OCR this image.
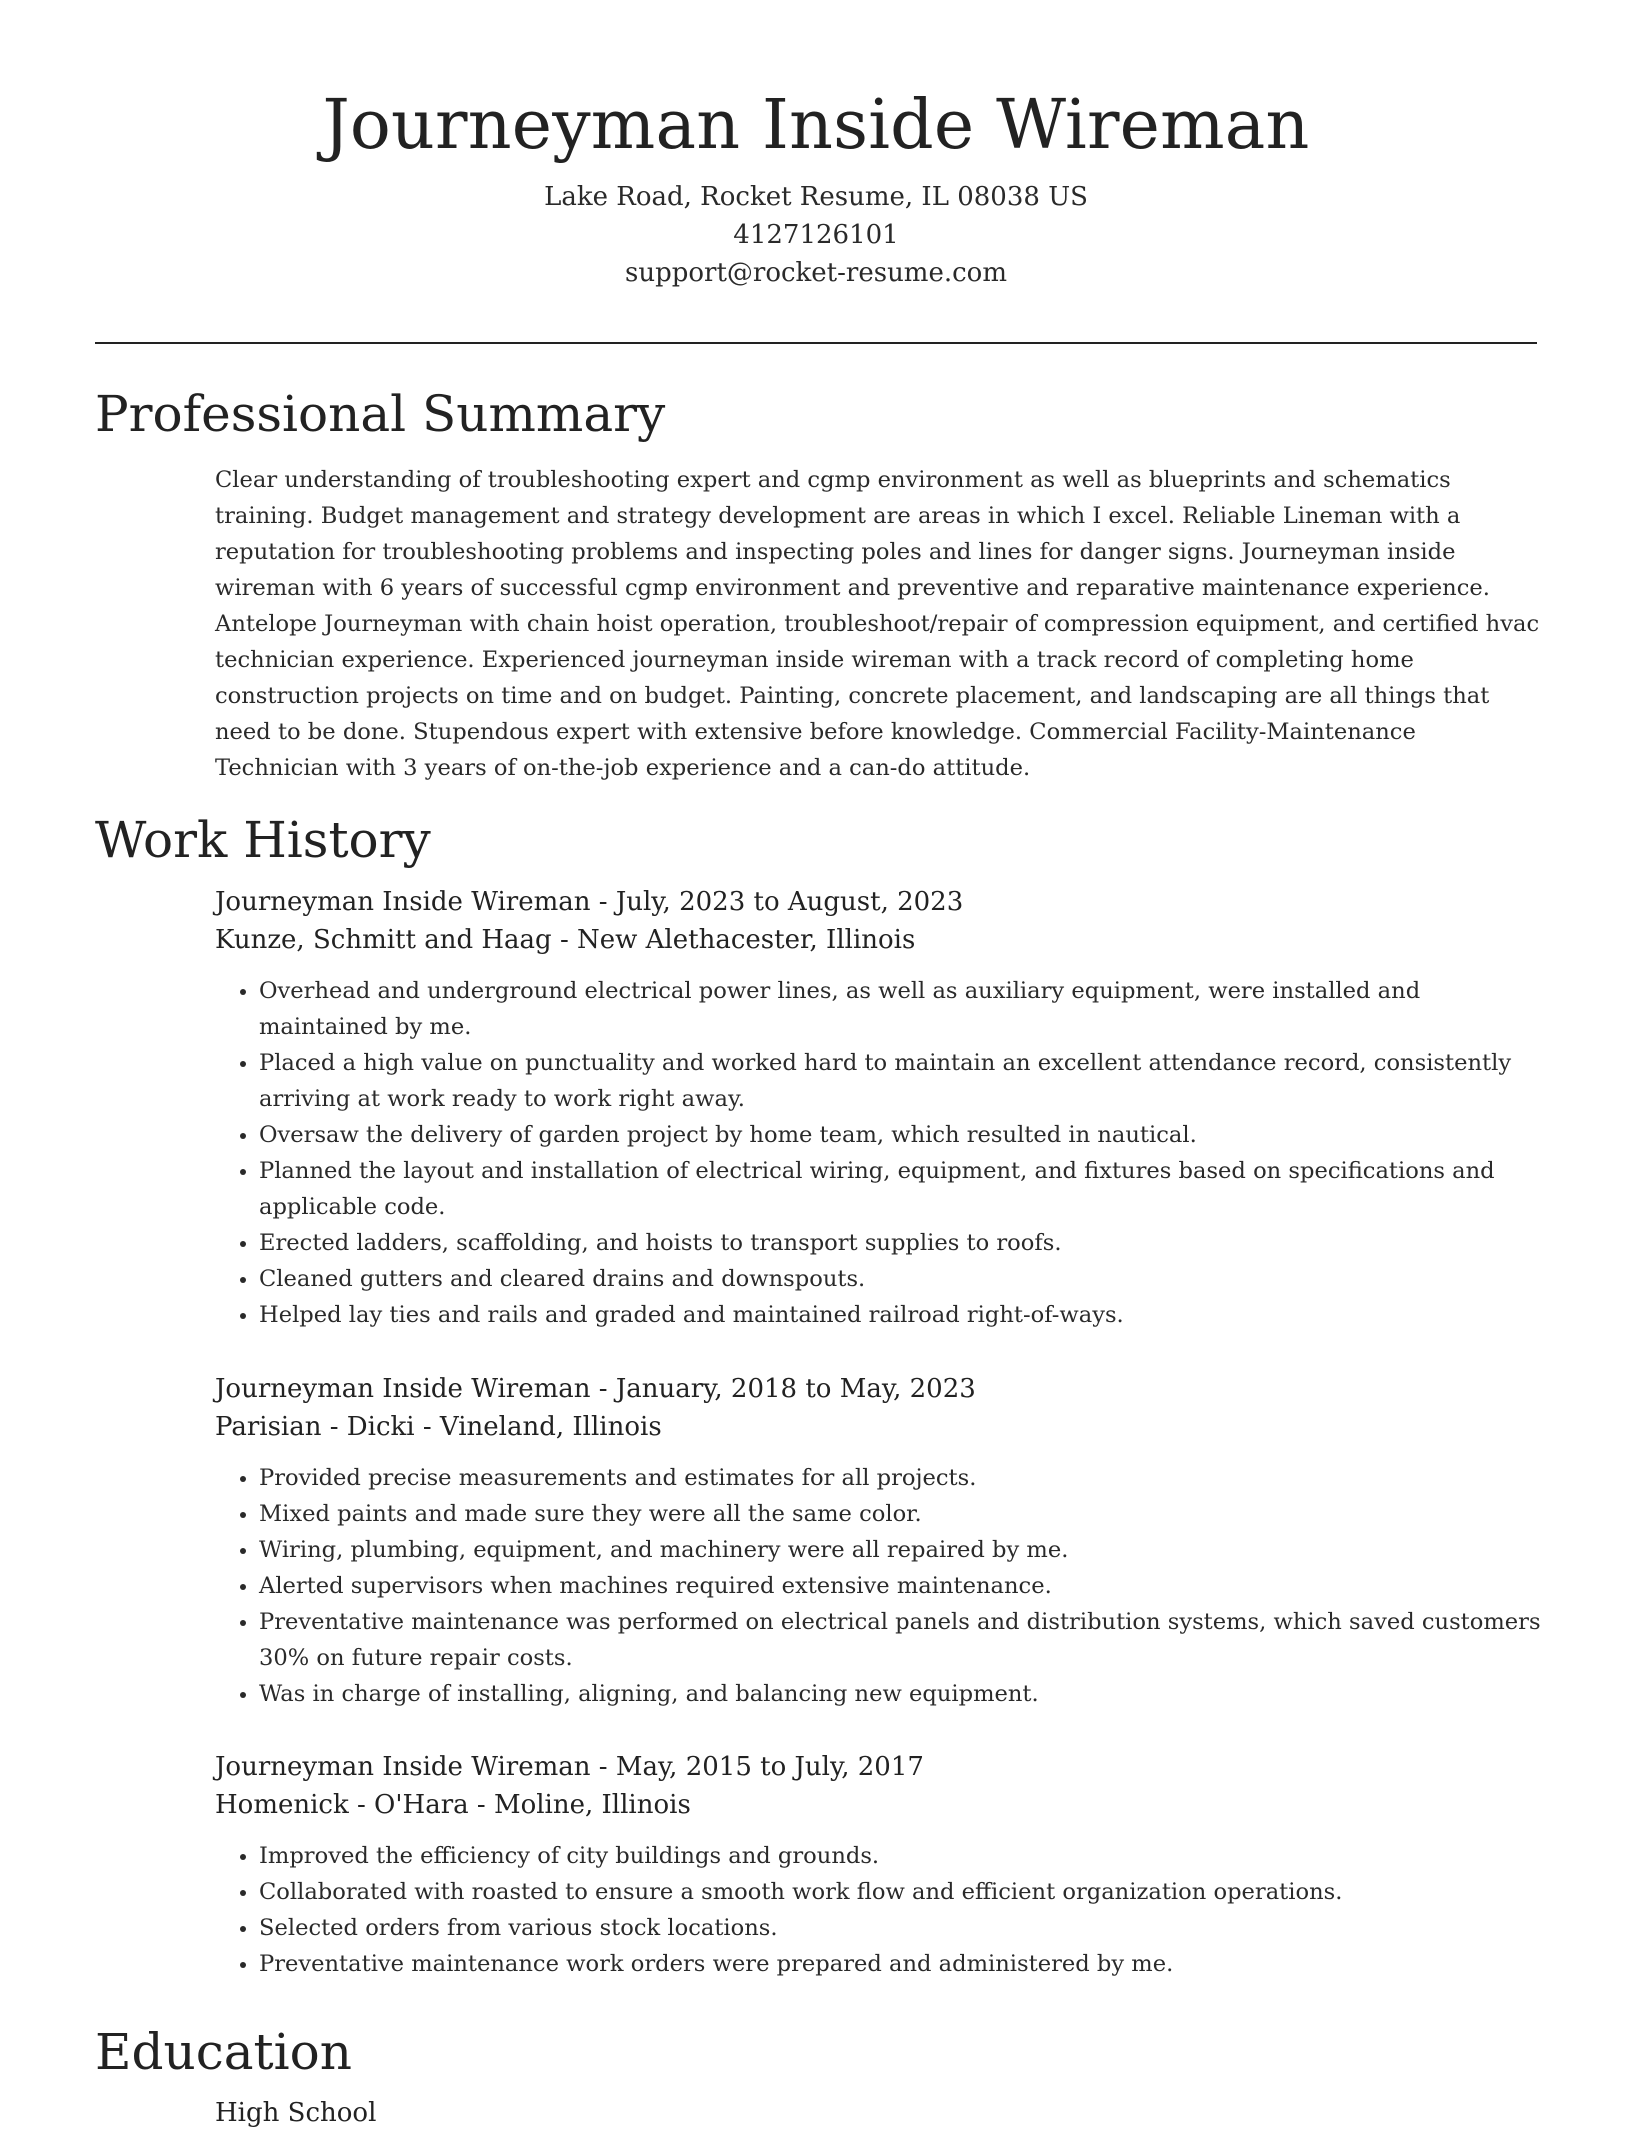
Journeyman Inside Wireman

Lake Road, Rocket Resume, IL 08038 US

4127126101

support@rocket-resume.com

Professional Summary

Clear understanding of troubleshooting expert and cgmp environment as well as blueprints and schematics training. Budget management and strategy development are areas in which I excel. Reliable Lineman with a reputation for troubleshooting problems and inspecting poles and lines for danger signs. Journeyman inside wireman with 6 years of successful cgmp environment and preventive and reparative maintenance experience. Antelope Journeyman with chain hoist operation, troubleshoot/repair of compression equipment, and certified hvac technician experience. Experienced journeyman inside wireman with a track record of completing home construction projects on time and on budget. Painting, concrete placement, and landscaping are all things that need to be done. Stupendous expert with extensive before knowledge. Commercial Facility-Maintenance Technician with 3 years of on-the-job experience and a can-do attitude.

Work History

Journeyman Inside Wireman - July, 2023 to August, 2023

Kunze, Schmitt and Haag - New Alethacester, Illinois

• Overhead and underground electrical power lines, as well as auxiliary equipment, were installed and maintained by me.
• Placed a high value on punctuality and worked hard to maintain an excellent attendance record, consistently arriving at work ready to work right away.
• Oversaw the delivery of garden project by home team, which resulted in nautical.
• Planned the layout and installation of electrical wiring, equipment, and fixtures based on specifications and applicable code.
• Erected ladders, scaffolding, and hoists to transport supplies to roofs.
• Cleaned gutters and cleared drains and downspouts.
• Helped lay ties and rails and graded and maintained railroad right-of-ways.

Journeyman Inside Wireman - January, 2018 to May, 2023

Parisian - Dicki - Vineland, Illinois

• Provided precise measurements and estimates for all projects.
• Mixed paints and made sure they were all the same color.
• Wiring, plumbing, equipment, and machinery were all repaired by me.
• Alerted supervisors when machines required extensive maintenance.
• Preventative maintenance was performed on electrical panels and distribution systems, which saved customers 30% on future repair costs.
• Was in charge of installing, aligning, and balancing new equipment.

Journeyman Inside Wireman - May, 2015 to July, 2017

Homenick - O'Hara - Moline, Illinois

• Improved the efficiency of city buildings and grounds.
• Collaborated with roasted to ensure a smooth work flow and efficient organization operations.
• Selected orders from various stock locations.
• Preventative maintenance work orders were prepared and administered by me.
Education

High School
